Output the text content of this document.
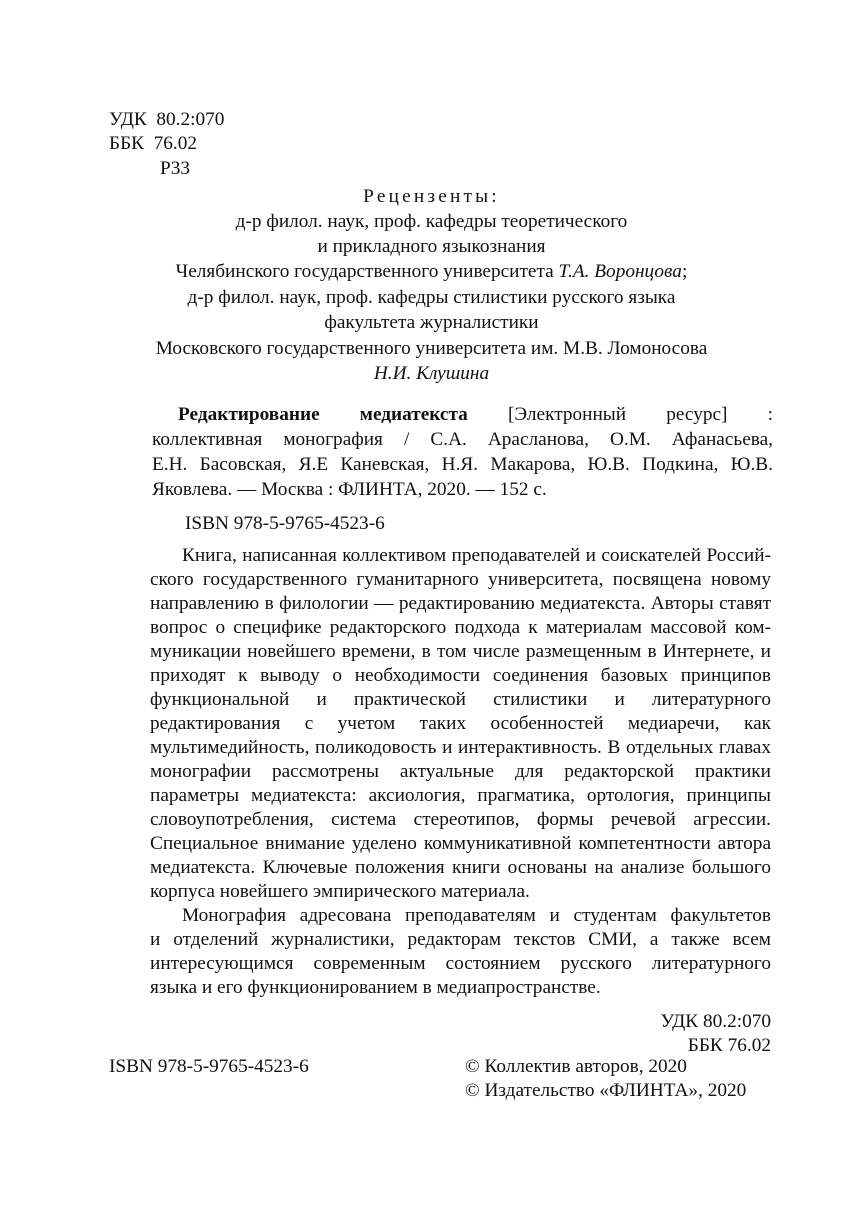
УДК  80.2:070
ББК  76.02
Р33
Рецензенты:
д-р филол. наук, проф. кафедры теоретического
и прикладного языкознания
Челябинского государственного университета Т.А. Воронцова;
д-р филол. наук, проф. кафедры стилистики русского языка
факультета журналистики
Московского государственного университета им. М.В. Ломоносова
Н.И. Клушина
Редактирование медиатекста [Электронный ресурс] :
коллективная монография / С.А. Арасланова, О.М. Афанасьева,
Е.Н. Басовская, Я.Е Каневская, Н.Я. Макарова, Ю.В. Подкина, Ю.В.
Яковлева. — Москва : ФЛИНТА, 2020. — 152 с.
ISBN 978-5-9765-4523-6
Книга, написанная коллективом преподавателей и соискателей Россий-
ского государственного гуманитарного университета, посвящена новому
направлению в филологии — редактированию медиатекста. Авторы ставят
вопрос о специфике редакторского подхода к материалам массовой ком-
муникации новейшего времени, в том числе размещенным в Интернете, и
приходят к выводу о необходимости соединения базовых принципов
функциональной и практической стилистики и литературного
редактирования с учетом таких особенностей медиаречи, как
мультимедийность, поликодовость и интерактивность. В отдельных главах
монографии рассмотрены актуальные для редакторской практики
параметры медиатекста: аксиология, прагматика, ортология, принципы
словоупотребления, система стереотипов, формы речевой агрессии.
Специальное внимание уделено коммуникативной компетентности автора
медиатекста. Ключевые положения книги основаны на анализе большого
корпуса новейшего эмпирического материала.
Монография адресована преподавателям и студентам факультетов
и отделений журналистики, редакторам текстов СМИ, а также всем
интересующимся современным состоянием русского литературного
языка и его функционированием в медиапространстве.
УДК 80.2:070
ББК 76.02
ISBN 978-5-9765-4523-6	© Коллектив авторов, 2020
© Издательство «ФЛИНТА», 2020
